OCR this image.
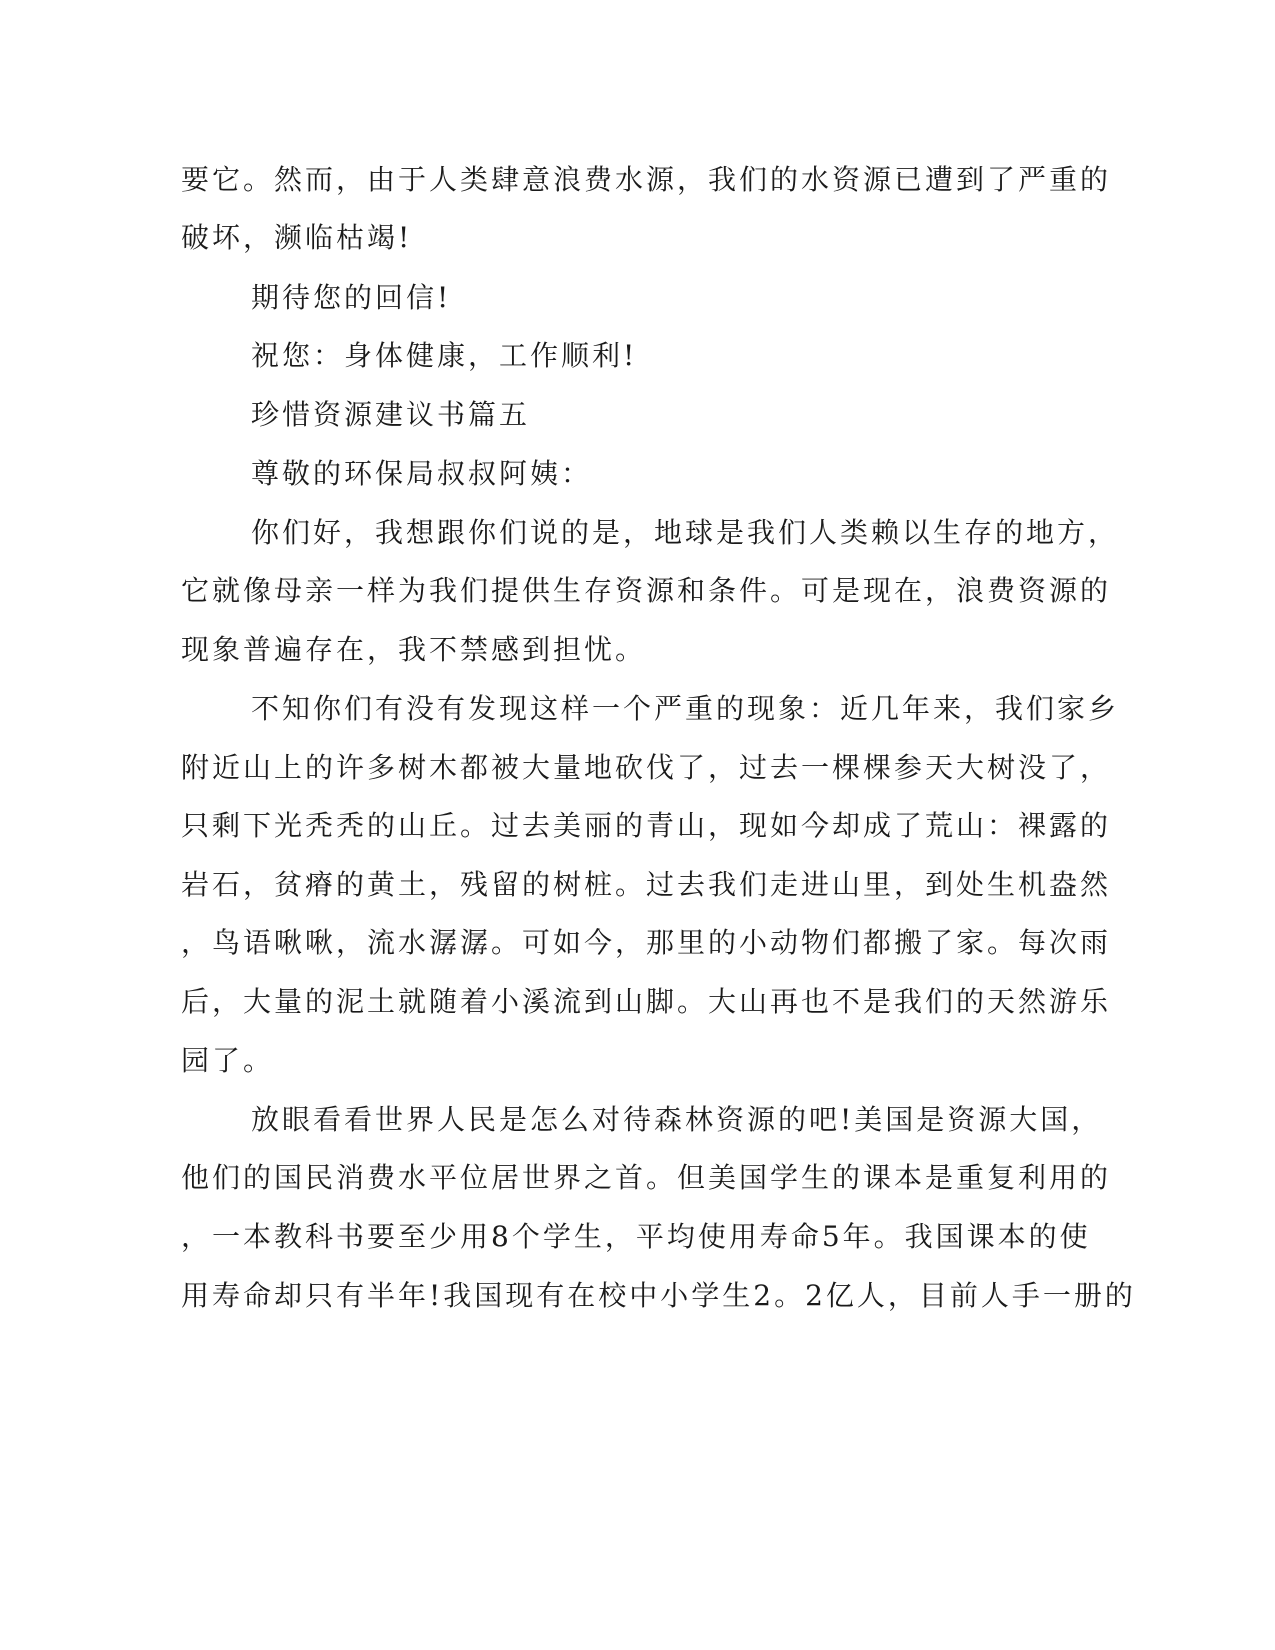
要它。然而，由于人类肆意浪费水源，我们的水资源已遭到了严重的
破坏，濒临枯竭!
期待您的回信!
祝您：身体健康，工作顺利!
珍惜资源建议书篇五
尊敬的环保局叔叔阿姨：
你们好，我想跟你们说的是，地球是我们人类赖以生存的地方，
它就像母亲一样为我们提供生存资源和条件。可是现在，浪费资源的
现象普遍存在，我不禁感到担忧。
不知你们有没有发现这样一个严重的现象：近几年来，我们家乡
附近山上的许多树木都被大量地砍伐了，过去一棵棵参天大树没了，
只剩下光秃秃的山丘。过去美丽的青山，现如今却成了荒山：裸露的
岩石，贫瘠的黄土，残留的树桩。过去我们走进山里，到处生机盎然
，鸟语啾啾，流水潺潺。可如今，那里的小动物们都搬了家。每次雨
后，大量的泥土就随着小溪流到山脚。大山再也不是我们的天然游乐
园了。
放眼看看世界人民是怎么对待森林资源的吧!美国是资源大国，
他们的国民消费水平位居世界之首。但美国学生的课本是重复利用的
，一本教科书要至少用8个学生，平均使用寿命5年。我国课本的使
用寿命却只有半年!我国现有在校中小学生2。2亿人，目前人手一册的
